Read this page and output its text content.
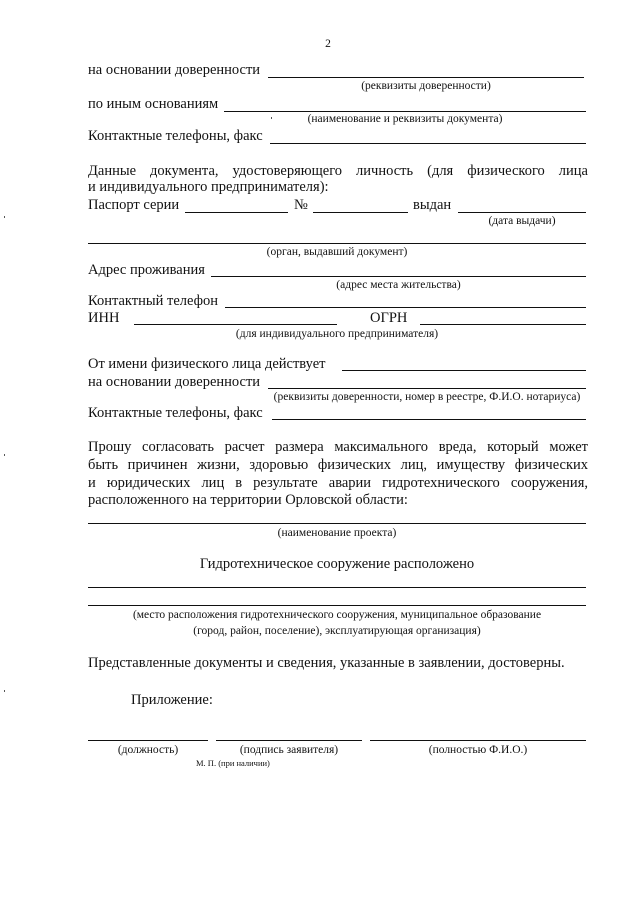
2
на основании доверенности
(реквизиты доверенности)
по иным основаниям
(наименование и реквизиты документа)
Контактные телефоны, факс
Данные документа, удостоверяющего личность (для физического лица
и индивидуального предпринимателя):
Паспорт серии	№	выдан
(дата выдачи)
(орган, выдавший документ)
Адрес проживания
(адрес места жительства)
Контактный телефон
ИНН	ОГРН
(для индивидуального предпринимателя)
От имени физического лица действует
на основании доверенности
(реквизиты доверенности, номер в реестре, Ф.И.О. нотариуса)
Контактные телефоны, факс
Прошу согласовать расчет размера максимального вреда, который может
быть причинен жизни, здоровью физических лиц, имуществу физических
и юридических лиц в результате аварии гидротехнического сооружения,
расположенного на территории Орловской области:
(наименование проекта)
Гидротехническое сооружение расположено
(место расположения гидротехнического сооружения, муниципальное образование
(город, район, поселение), эксплуатирующая организация)
Представленные документы и сведения, указанные в заявлении, достоверны.
Приложение:
(должность)	(подпись заявителя)	(полностью Ф.И.О.)
М. П. (при наличии)
